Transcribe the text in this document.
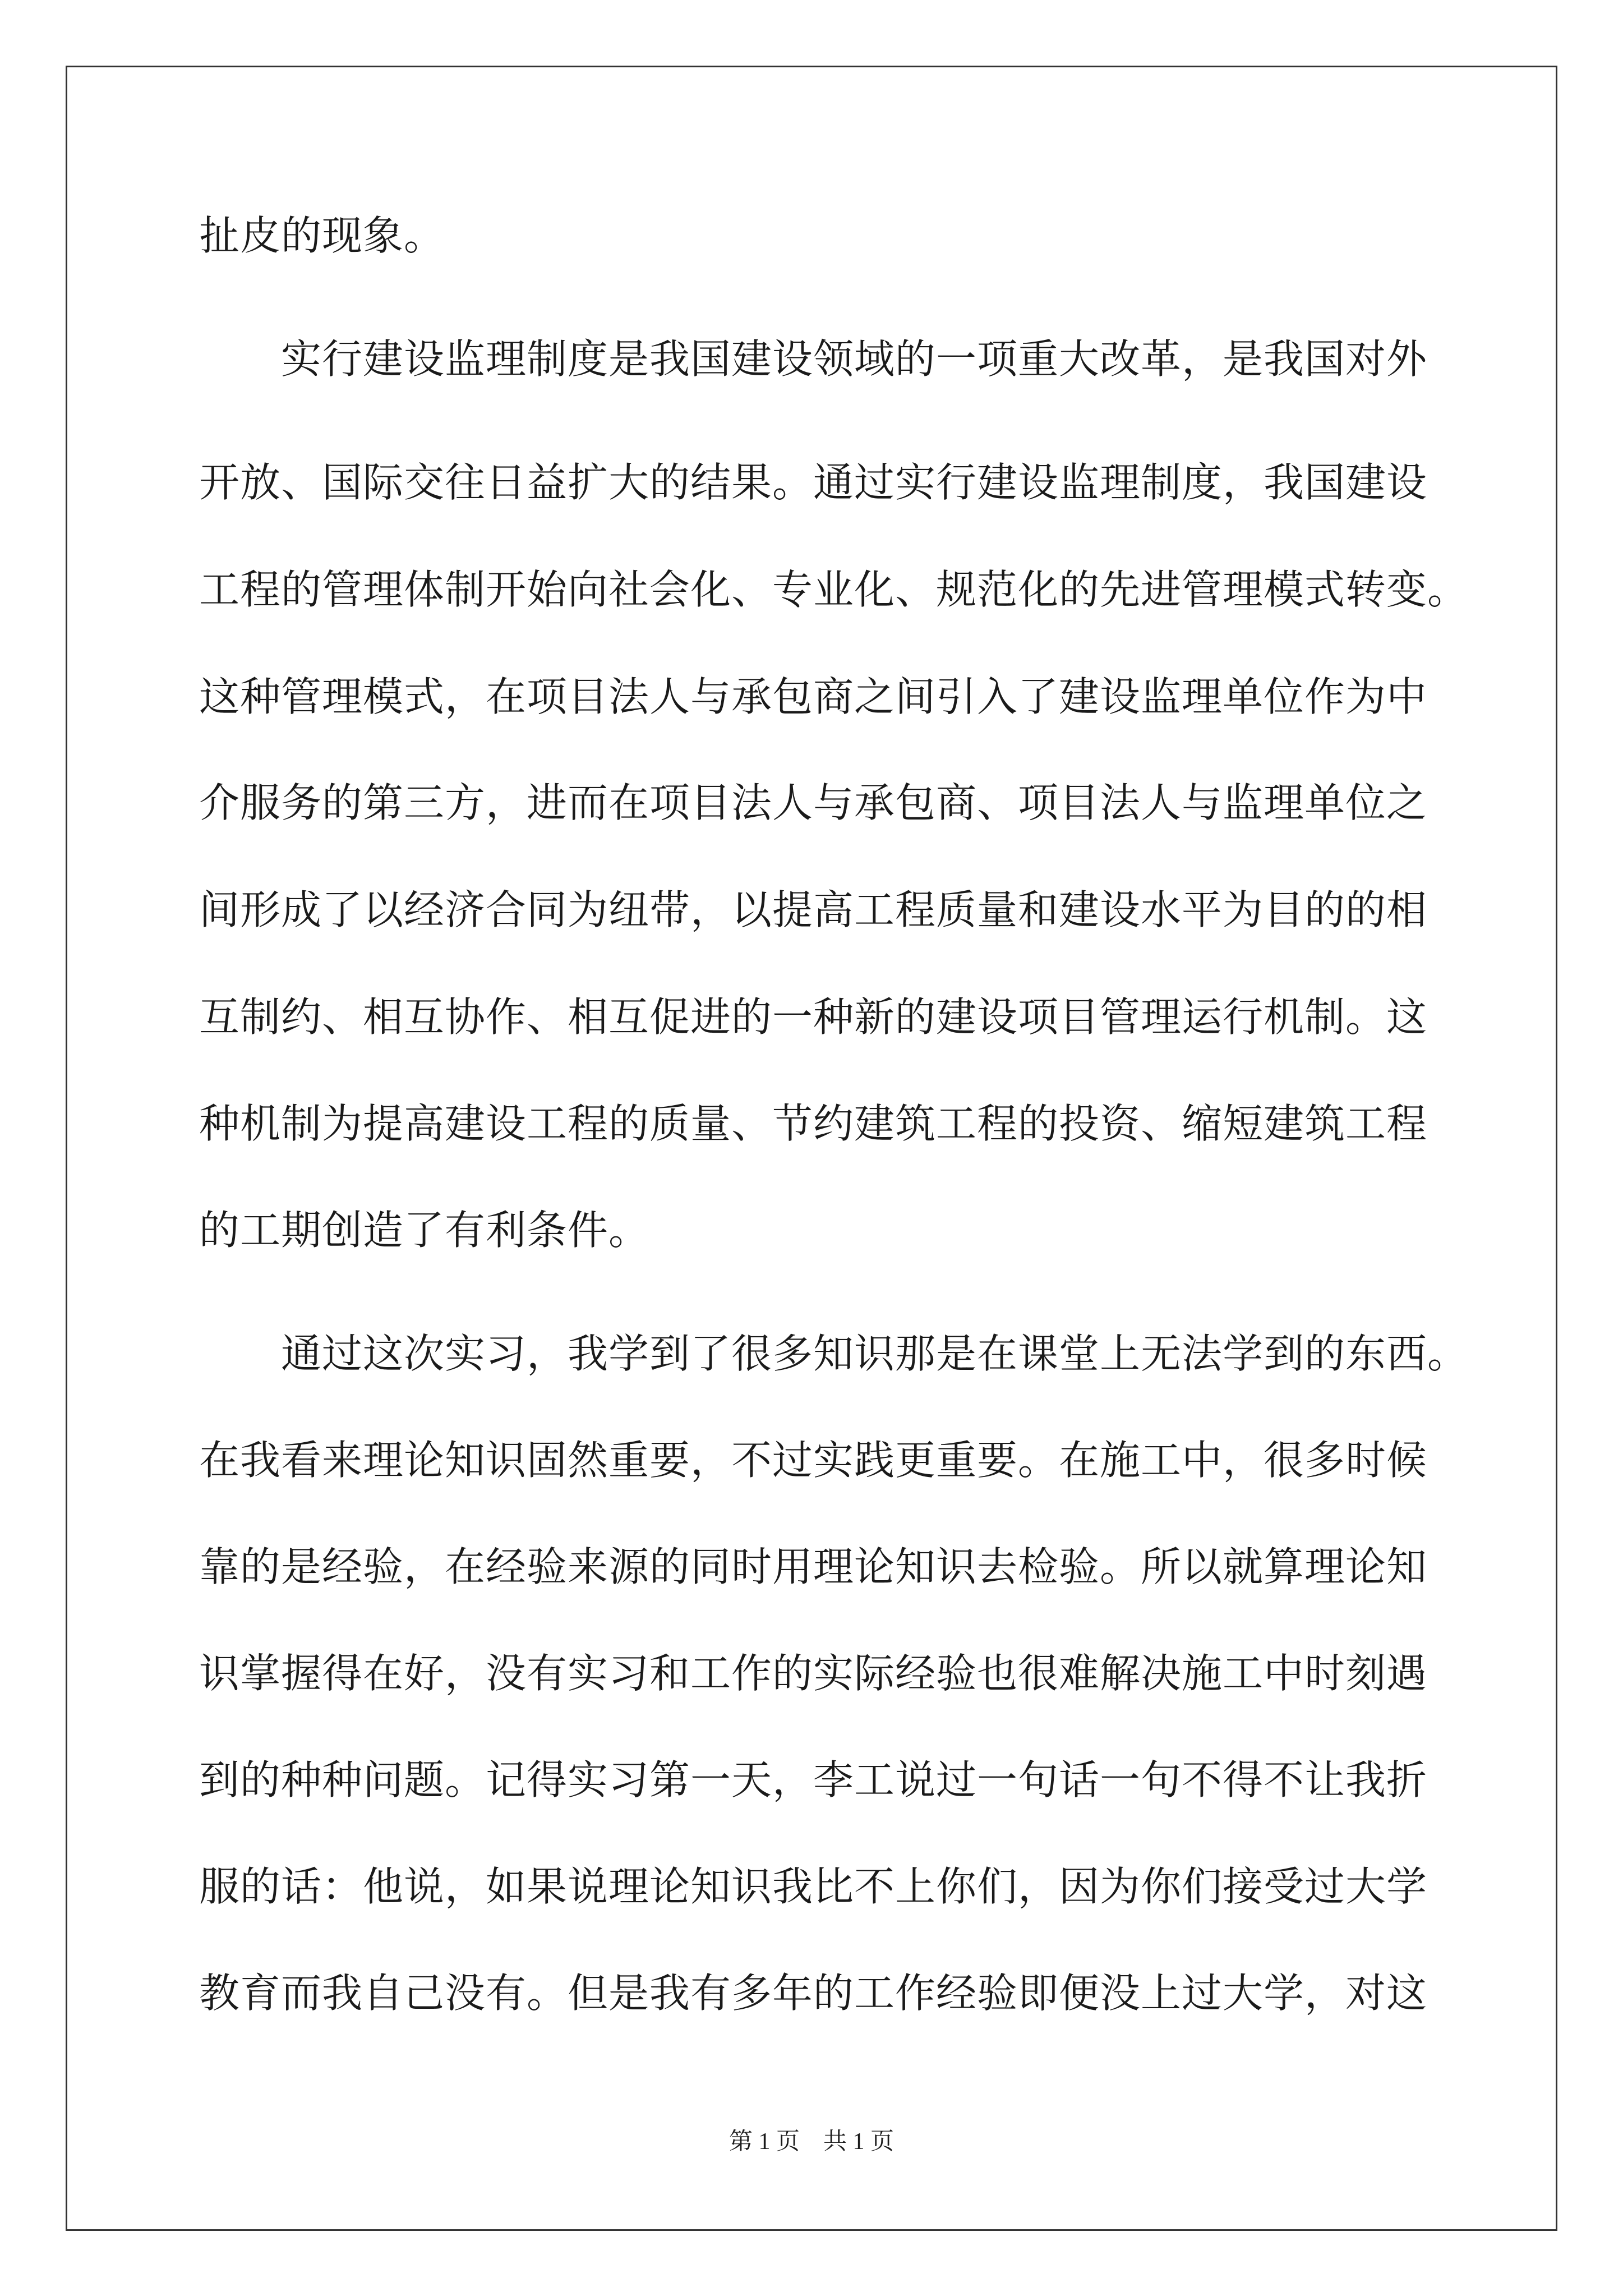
扯皮的现象。
　　实行建设监理制度是我国建设领域的一项重大改革，是我国对外
开放、国际交往日益扩大的结果。通过实行建设监理制度，我国建设
工程的管理体制开始向社会化、专业化、规范化的先进管理模式转变。
这种管理模式，在项目法人与承包商之间引入了建设监理单位作为中
介服务的第三方，进而在项目法人与承包商、项目法人与监理单位之
间形成了以经济合同为纽带，以提高工程质量和建设水平为目的的相
互制约、相互协作、相互促进的一种新的建设项目管理运行机制。这
种机制为提高建设工程的质量、节约建筑工程的投资、缩短建筑工程
的工期创造了有利条件。
　　通过这次实习，我学到了很多知识那是在课堂上无法学到的东西。
在我看来理论知识固然重要，不过实践更重要。在施工中，很多时候
靠的是经验，在经验来源的同时用理论知识去检验。所以就算理论知
识掌握得在好，没有实习和工作的实际经验也很难解决施工中时刻遇
到的种种问题。记得实习第一天，李工说过一句话一句不得不让我折
服的话：他说，如果说理论知识我比不上你们，因为你们接受过大学
教育而我自己没有。但是我有多年的工作经验即便没上过大学，对这
第 1 页　共 1 页
